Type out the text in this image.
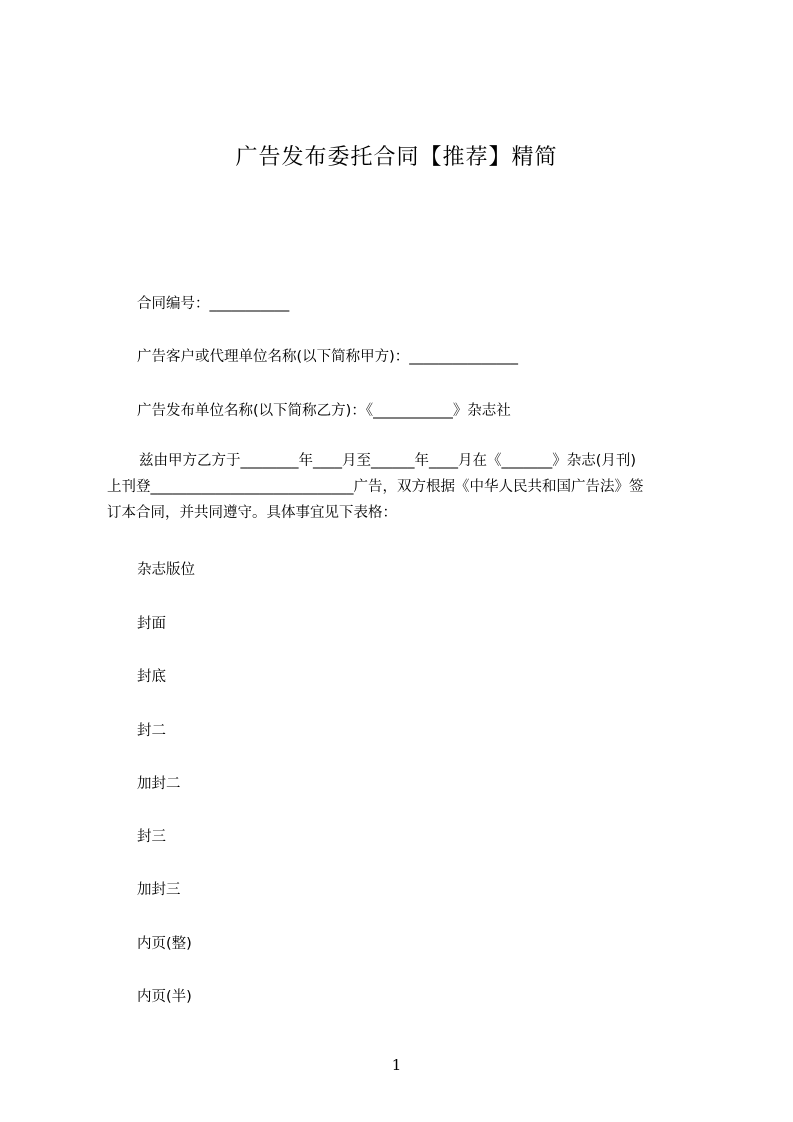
广告发布委托合同【推荐】精简
合同编号：___________
广告客户或代理单位名称(以下简称甲方)：_______________
广告发布单位名称(以下简称乙方)：《___________》杂志社
兹由甲方乙方于________年____月至______年____月在《_______》杂志(月刊)
上刊登____________________________广告，双方根据《中华人民共和国广告法》签
订本合同，并共同遵守。具体事宜见下表格：
杂志版位
封面
封底
封二
加封二
封三
加封三
内页(整)
内页(半)
1
